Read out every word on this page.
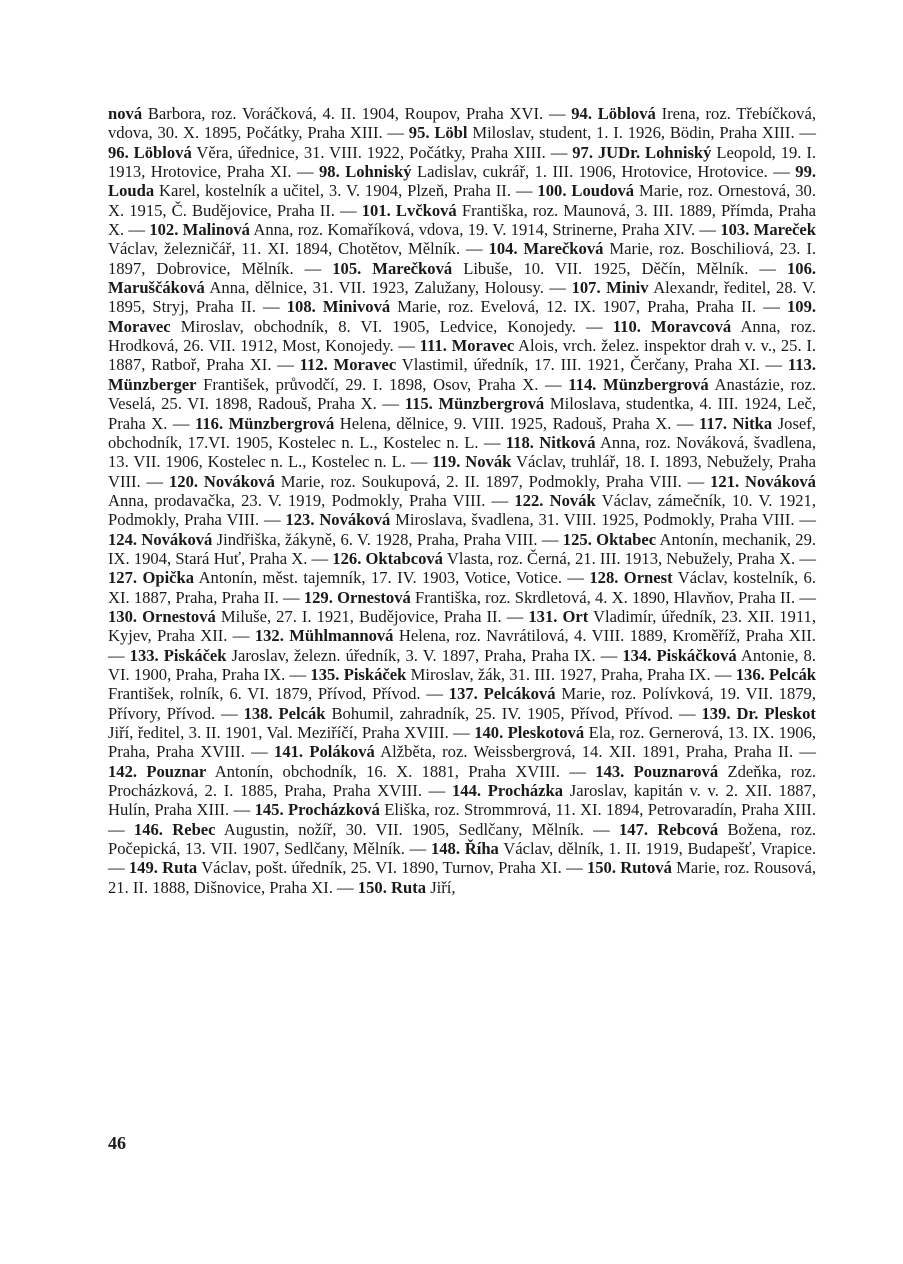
nová Barbora, roz. Voráčková, 4. II. 1904, Roupov, Praha XVI. — 94. Löblová Irena, roz. Třebíčková, vdova, 30. X. 1895, Počátky, Praha XIII. — 95. Löbl Miloslav, student, 1. I. 1926, Bödin, Praha XIII. — 96. Löblová Věra, úřednice, 31. VIII. 1922, Počátky, Praha XIII. — 97. JUDr. Lohniský Leopold, 19. I. 1913, Hrotovice, Praha XI. — 98. Lohniský Ladislav, cukrář, 1. III. 1906, Hrotovice, Hrotovice. — 99. Louda Karel, kostelník a učitel, 3. V. 1904, Plzeň, Praha II. — 100. Loudová Marie, roz. Ornestová, 30. X. 1915, Č. Budějovice, Praha II. — 101. Lvčková Františka, roz. Maunová, 3. III. 1889, Přímda, Praha X. — 102. Malinová Anna, roz. Komaříková, vdova, 19. V. 1914, Strinerne, Praha XIV. — 103. Mareček Václav, železničář, 11. XI. 1894, Chotětov, Mělník. — 104. Marečková Marie, roz. Boschiliová, 23. I. 1897, Dobrovice, Mělník. — 105. Marečková Libuše, 10. VII. 1925, Děčín, Mělník. — 106. Maruščáková Anna, dělnice, 31. VII. 1923, Zalužany, Holousy. — 107. Miniv Alexandr, ředitel, 28. V. 1895, Stryj, Praha II. — 108. Minivová Marie, roz. Evelová, 12. IX. 1907, Praha, Praha II. — 109. Moravec Miroslav, obchodník, 8. VI. 1905, Ledvice, Konojedy. — 110. Moravcová Anna, roz. Hrodková, 26. VII. 1912, Most, Konojedy. — 111. Moravec Alois, vrch. želez. inspektor drah v. v., 25. I. 1887, Ratboř, Praha XI. — 112. Moravec Vlastimil, úředník, 17. III. 1921, Čerčany, Praha XI. — 113. Münzberger František, průvodčí, 29. I. 1898, Osov, Praha X. — 114. Münzbergrová Anastázie, roz. Veselá, 25. VI. 1898, Radouš, Praha X. — 115. Münzbergrová Miloslava, studentka, 4. III. 1924, Leč, Praha X. — 116. Münzbergrová Helena, dělnice, 9. VIII. 1925, Radouš, Praha X. — 117. Nitka Josef, obchodník, 17.VI. 1905, Kostelec n. L., Kostelec n. L. — 118. Nitková Anna, roz. Nováková, švadlena, 13. VII. 1906, Kostelec n. L., Kostelec n. L. — 119. Novák Václav, truhlář, 18. I. 1893, Nebužely, Praha VIII. — 120. Nováková Marie, roz. Soukupová, 2. II. 1897, Podmokly, Praha VIII. — 121. Nováková Anna, prodavačka, 23. V. 1919, Podmokly, Praha VIII. — 122. Novák Václav, zámečník, 10. V. 1921, Podmokly, Praha VIII. — 123. Nováková Miroslava, švadlena, 31. VIII. 1925, Podmokly, Praha VIII. — 124. Nováková Jindřiška, žákyně, 6. V. 1928, Praha, Praha VIII. — 125. Oktabec Antonín, mechanik, 29. IX. 1904, Stará Huť, Praha X. — 126. Oktabcová Vlasta, roz. Černá, 21. III. 1913, Nebužely, Praha X. — 127. Opička Antonín, měst. tajemník, 17. IV. 1903, Votice, Votice. — 128. Ornest Václav, kostelník, 6. XI. 1887, Praha, Praha II. — 129. Ornestová Františka, roz. Skrdletová, 4. X. 1890, Hlavňov, Praha II. — 130. Ornestová Miluše, 27. I. 1921, Budějovice, Praha II. — 131. Ort Vladimír, úředník, 23. XII. 1911, Kyjev, Praha XII. — 132. Mühlmannová Helena, roz. Navrátilová, 4. VIII. 1889, Kroměříž, Praha XII. — 133. Piskáček Jaroslav, železn. úředník, 3. V. 1897, Praha, Praha IX. — 134. Piskáčková Antonie, 8. VI. 1900, Praha, Praha IX. — 135. Piskáček Miroslav, žák, 31. III. 1927, Praha, Praha IX. — 136. Pelcák František, rolník, 6. VI. 1879, Přívod, Přívod. — 137. Pelcáková Marie, roz. Polívková, 19. VII. 1879, Přívory, Přívod. — 138. Pelcák Bohumil, zahradník, 25. IV. 1905, Přívod, Přívod. — 139. Dr. Pleskot Jiří, ředitel, 3. II. 1901, Val. Meziříčí, Praha XVIII. — 140. Pleskotová Ela, roz. Gernerová, 13. IX. 1906, Praha, Praha XVIII. — 141. Poláková Alžběta, roz. Weissbergrová, 14. XII. 1891, Praha, Praha II. — 142. Pouznar Antonín, obchodník, 16. X. 1881, Praha XVIII. — 143. Pouznarová Zdeňka, roz. Procházková, 2. I. 1885, Praha, Praha XVIII. — 144. Procházka Jaroslav, kapitán v. v. 2. XII. 1887, Hulín, Praha XIII. — 145. Procházková Eliška, roz. Strommrová, 11. XI. 1894, Petrovaradín, Praha XIII. — 146. Rebec Augustin, nožíř, 30. VII. 1905, Sedlčany, Mělník. — 147. Rebcová Božena, roz. Počepická, 13. VII. 1907, Sedlčany, Mělník. — 148. Říha Václav, dělník, 1. II. 1919, Budapešť, Vrapice. — 149. Ruta Václav, pošt. úředník, 25. VI. 1890, Turnov, Praha XI. — 150. Rutová Marie, roz. Rousová, 21. II. 1888, Dišnovice, Praha XI. — 150. Ruta Jiří,

46
